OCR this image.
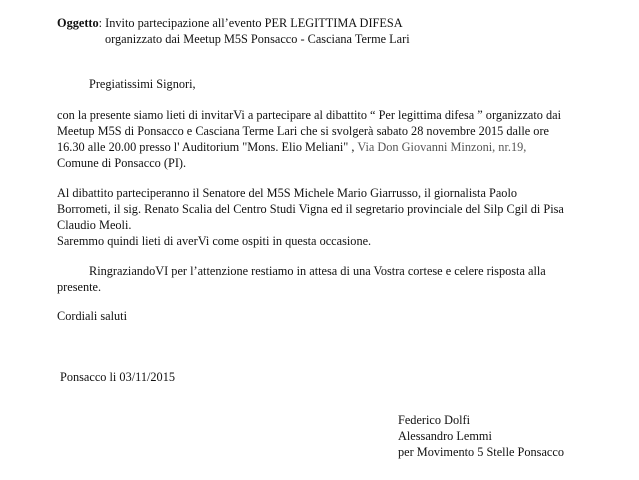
Oggetto: Invito partecipazione all’evento PER LEGITTIMA DIFESA
organizzato dai Meetup M5S Ponsacco - Casciana Terme Lari
Pregiatissimi Signori,
con la presente siamo lieti di invitarVi a partecipare al dibattito “ Per legittima difesa ” organizzato dai
Meetup M5S di Ponsacco e Casciana Terme Lari che si svolgerà sabato 28 novembre 2015 dalle ore
16.30 alle 20.00 presso l' Auditorium "Mons. Elio Meliani" , Via Don Giovanni Minzoni, nr.19,
Comune di Ponsacco (PI).
Al dibattito parteciperanno il Senatore del M5S Michele Mario Giarrusso, il giornalista Paolo
Borrometi, il sig. Renato Scalia del Centro Studi Vigna ed il segretario provinciale del Silp Cgil di Pisa
Claudio Meoli.
Saremmo quindi lieti di averVi come ospiti in questa occasione.
RingraziandoVI per l’attenzione restiamo in attesa di una Vostra cortese e celere risposta alla
presente.
Cordiali saluti
Ponsacco li 03/11/2015
Federico Dolfi
Alessandro Lemmi
per Movimento 5 Stelle Ponsacco
